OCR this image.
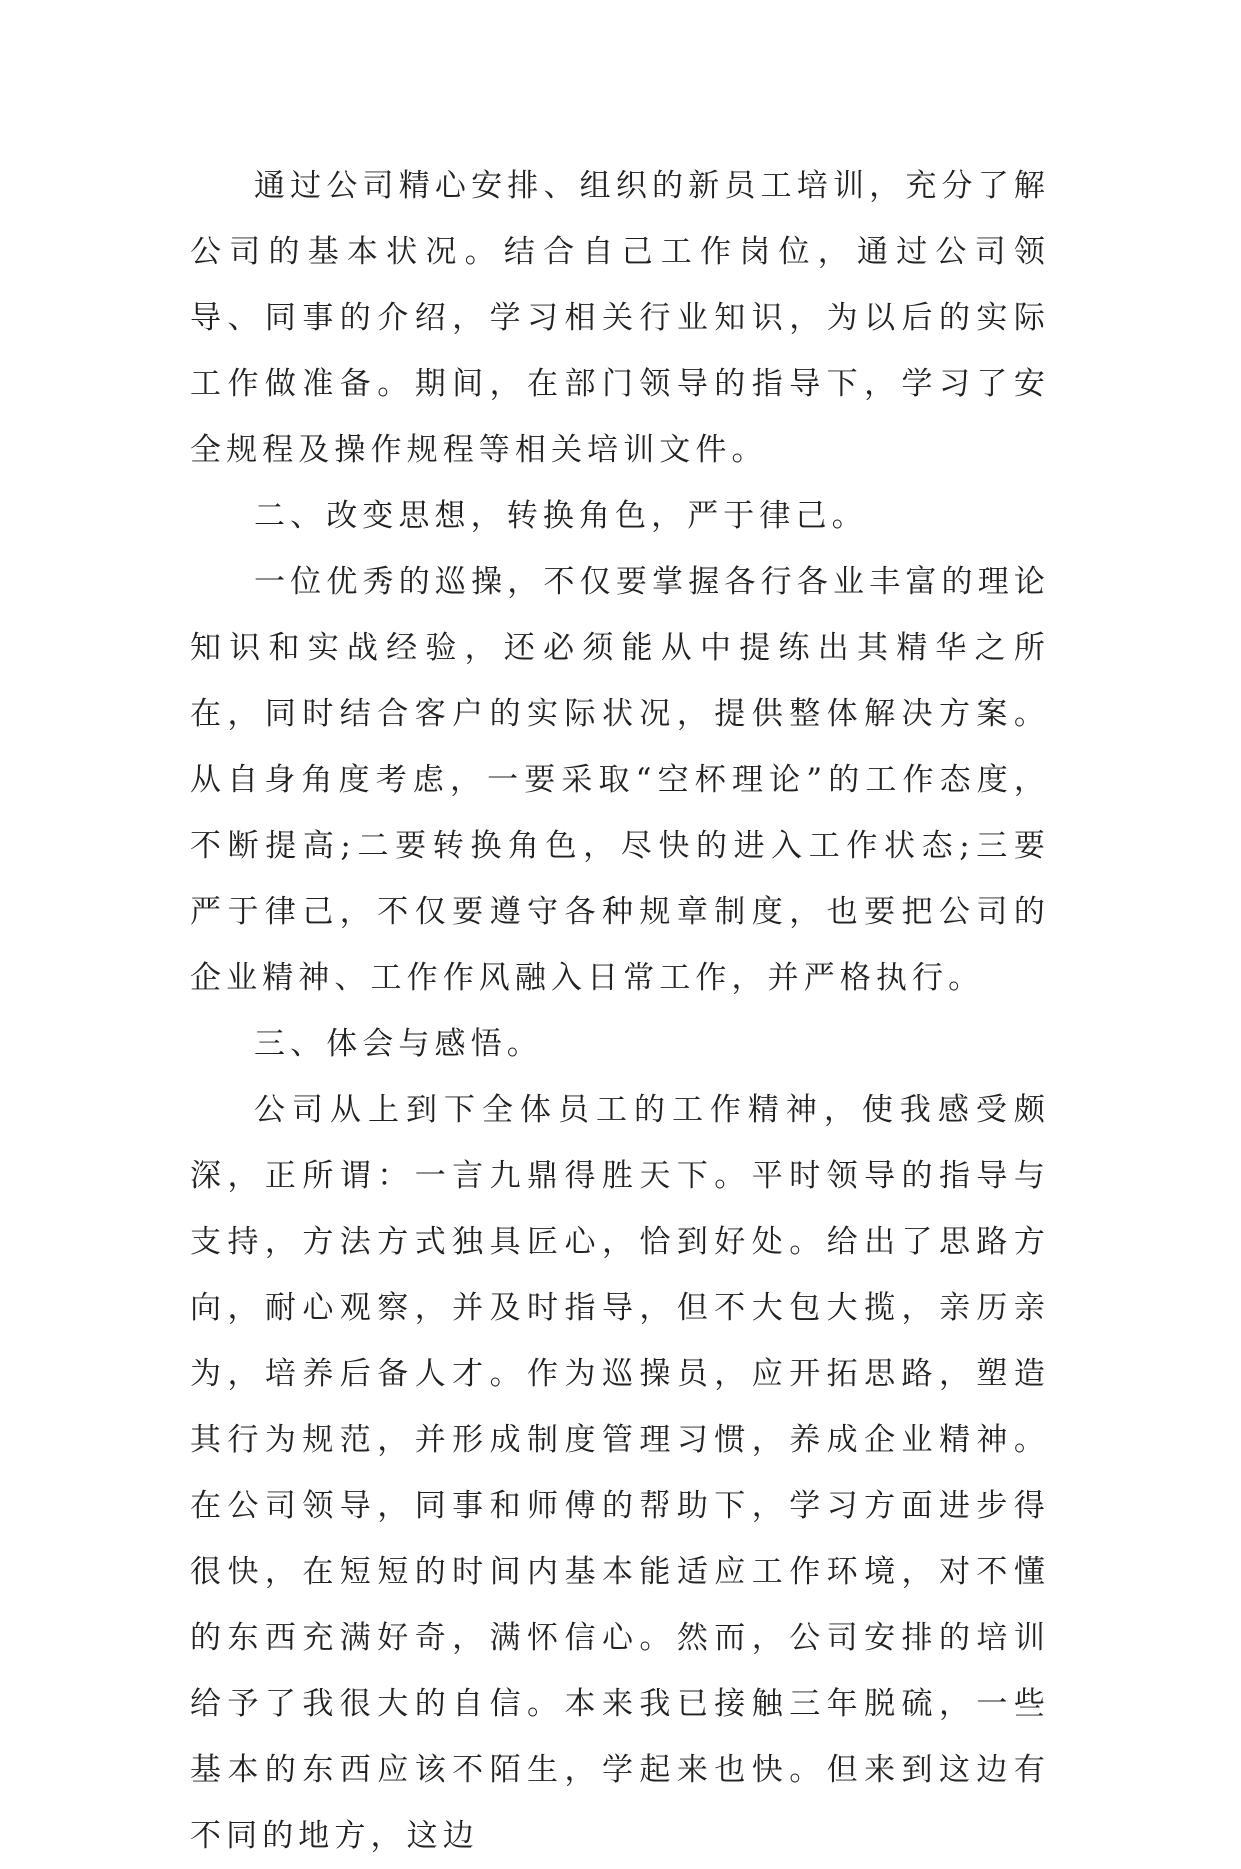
通过公司精心安排、组织的新员工培训，充分了解公司的基本状况。结合自己工作岗位，通过公司领导、同事的介绍，学习相关行业知识，为以后的实际工作做准备。期间，在部门领导的指导下，学习了安全规程及操作规程等相关培训文件。

二、改变思想，转换角色，严于律己。

一位优秀的巡操，不仅要掌握各行各业丰富的理论知识和实战经验，还必须能从中提练出其精华之所在，同时结合客户的实际状况，提供整体解决方案。从自身角度考虑，一要采取“空杯理论”的工作态度，不断提高;二要转换角色，尽快的进入工作状态;三要严于律己，不仅要遵守各种规章制度，也要把公司的企业精神、工作作风融入日常工作，并严格执行。

三、体会与感悟。

公司从上到下全体员工的工作精神，使我感受颇深，正所谓：一言九鼎得胜天下。平时领导的指导与支持，方法方式独具匠心，恰到好处。给出了思路方向，耐心观察，并及时指导，但不大包大揽，亲历亲为，培养后备人才。作为巡操员，应开拓思路，塑造其行为规范，并形成制度管理习惯，养成企业精神。在公司领导，同事和师傅的帮助下，学习方面进步得很快，在短短的时间内基本能适应工作环境，对不懂的东西充满好奇，满怀信心。然而，公司安排的培训给予了我很大的自信。本来我已接触三年脱硫，一些基本的东西应该不陌生，学起来也快。但来到这边有不同的地方，这边
